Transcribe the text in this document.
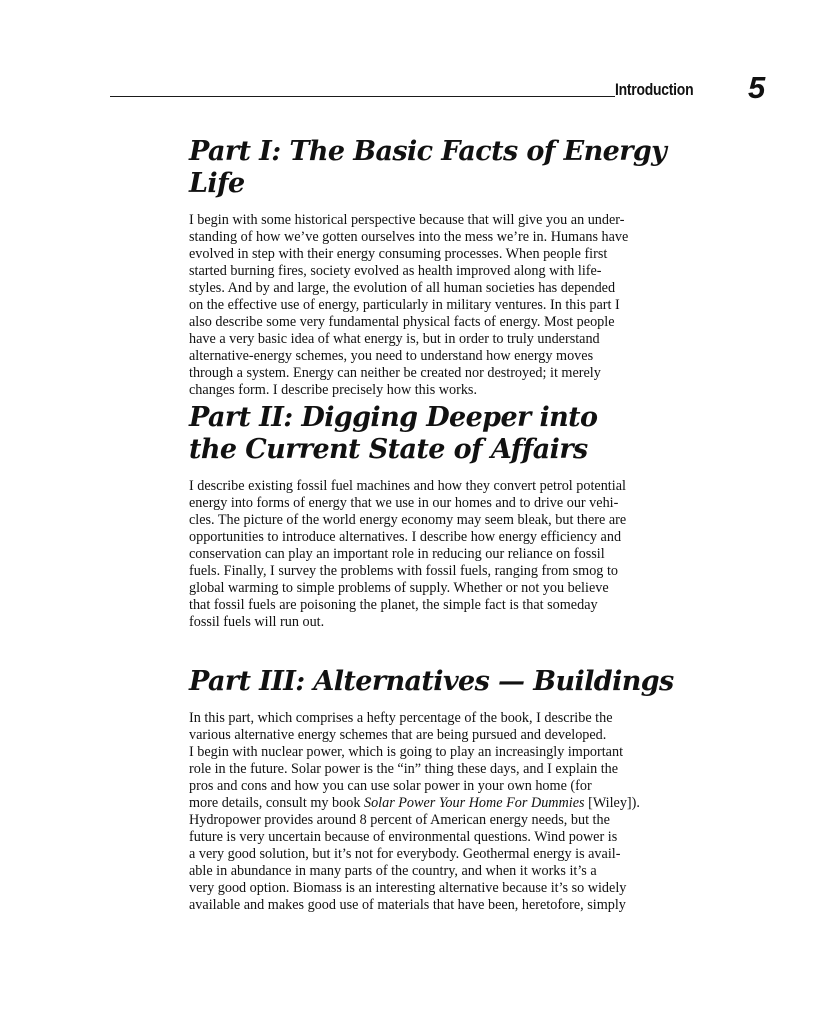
Introduction 5
Part I: The Basic Facts of Energy Life

I begin with some historical perspective because that will give you an under-
standing of how we’ve gotten ourselves into the mess we’re in. Humans have
evolved in step with their energy consuming processes. When people first
started burning fires, society evolved as health improved along with life-
styles. And by and large, the evolution of all human societies has depended
on the effective use of energy, particularly in military ventures. In this part I
also describe some very fundamental physical facts of energy. Most people
have a very basic idea of what energy is, but in order to truly understand
alternative-energy schemes, you need to understand how energy moves
through a system. Energy can neither be created nor destroyed; it merely
changes form. I describe precisely how this works.

Part II: Digging Deeper into
the Current State of Affairs

I describe existing fossil fuel machines and how they convert petrol potential
energy into forms of energy that we use in our homes and to drive our vehi-
cles. The picture of the world energy economy may seem bleak, but there are
opportunities to introduce alternatives. I describe how energy efficiency and
conservation can play an important role in reducing our reliance on fossil
fuels. Finally, I survey the problems with fossil fuels, ranging from smog to
global warming to simple problems of supply. Whether or not you believe
that fossil fuels are poisoning the planet, the simple fact is that someday
fossil fuels will run out.

Part III: Alternatives — Buildings

In this part, which comprises a hefty percentage of the book, I describe the
various alternative energy schemes that are being pursued and developed.
I begin with nuclear power, which is going to play an increasingly important
role in the future. Solar power is the “in” thing these days, and I explain the
pros and cons and how you can use solar power in your own home (for
more details, consult my book Solar Power Your Home For Dummies [Wiley]).
Hydropower provides around 8 percent of American energy needs, but the
future is very uncertain because of environmental questions. Wind power is
a very good solution, but it’s not for everybody. Geothermal energy is avail-
able in abundance in many parts of the country, and when it works it’s a
very good option. Biomass is an interesting alternative because it’s so widely
available and makes good use of materials that have been, heretofore, simply
